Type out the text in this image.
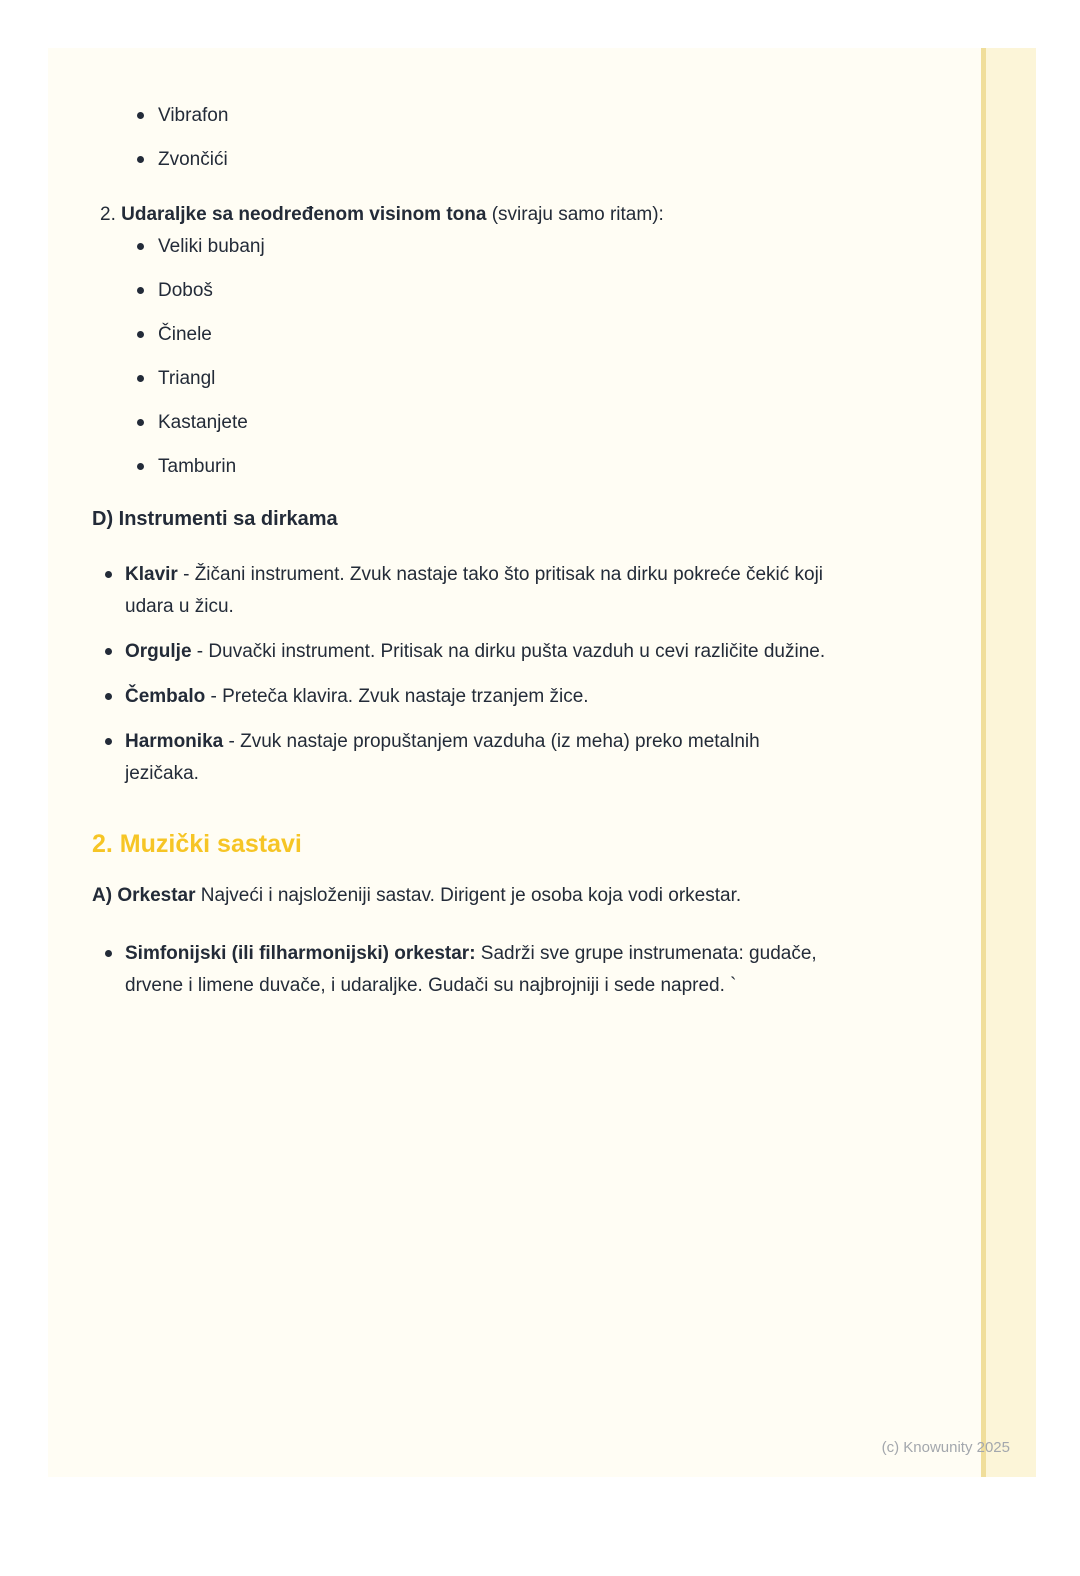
Vibrafon
Zvončići

2. Udaraljke sa neodređenom visinom tona (sviraju samo ritam):

Veliki bubanj
Doboš
Činele
Triangl
Kastanjete
Tamburin

D) Instrumenti sa dirkama

Klavir - Žičani instrument. Zvuk nastaje tako što pritisak na dirku pokreće čekić koji udara u žicu.
Orgulje - Duvački instrument. Pritisak na dirku pušta vazduh u cevi različite dužine.
Čembalo - Preteča klavira. Zvuk nastaje trzanjem žice.
Harmonika - Zvuk nastaje propuštanjem vazduha (iz meha) preko metalnih jezičaka.

2. Muzički sastavi

A) Orkestar Najveći i najsloženiji sastav. Dirigent je osoba koja vodi orkestar.

Simfonijski (ili filharmonijski) orkestar: Sadrži sve grupe instrumenata: gudače, drvene i limene duvače, i udaraljke. Gudači su najbrojniji i sede napred. `
(c) Knowunity 2025
